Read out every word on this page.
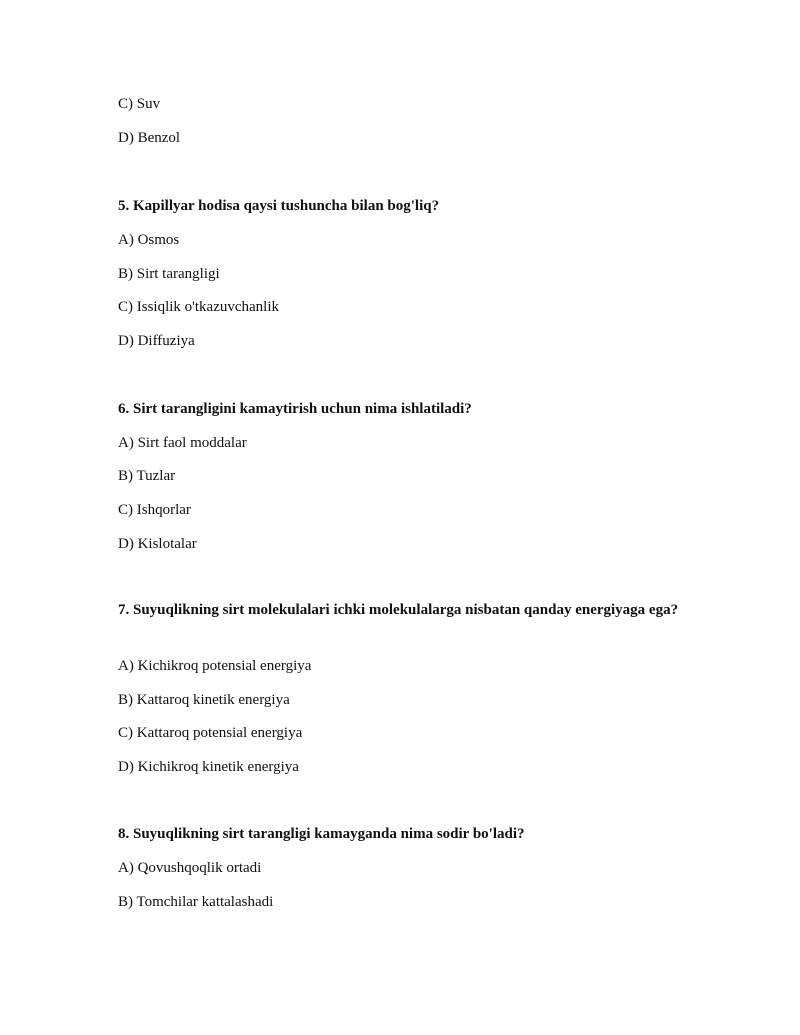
C) Suv
D) Benzol
5. Kapillyar hodisa qaysi tushuncha bilan bog'liq?
A) Osmos
B) Sirt tarangligi
C) Issiqlik o'tkazuvchanlik
D) Diffuziya
6. Sirt tarangligini kamaytirish uchun nima ishlatiladi?
A) Sirt faol moddalar
B) Tuzlar
C) Ishqorlar
D) Kislotalar
7. Suyuqlikning sirt molekulalari ichki molekulalarga nisbatan qanday energiyaga ega?
A) Kichikroq potensial energiya
B) Kattaroq kinetik energiya
C) Kattaroq potensial energiya
D) Kichikroq kinetik energiya
8. Suyuqlikning sirt tarangligi kamayganda nima sodir bo'ladi?
A) Qovushqoqlik ortadi
B) Tomchilar kattalashadi
